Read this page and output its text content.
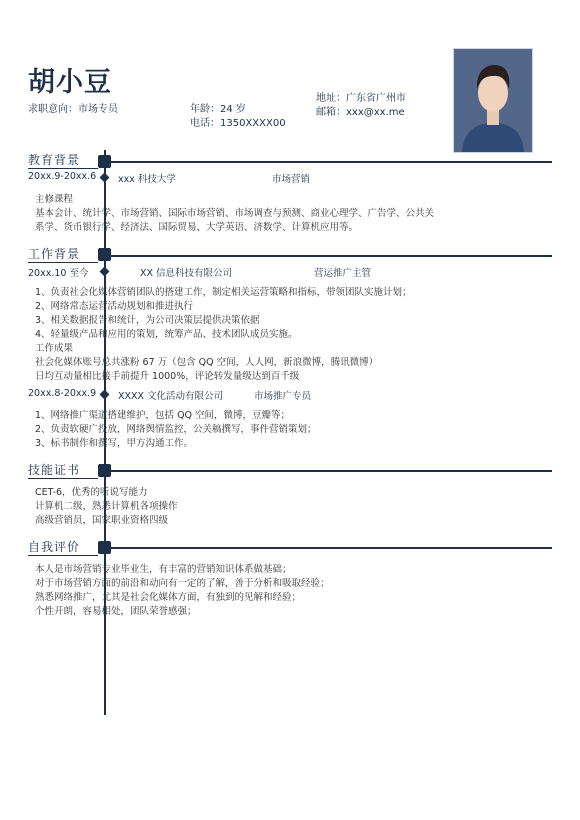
胡小豆
求职意向：市场专员	年龄：24 岁
电话：1350XXXX00
地址：广东省广州市
邮箱：xxx@xx.me
教育背景
20xx.9-20xx.6 xxx 科技大学	市场营销
主修课程
基本会计、统计学、市场营销、国际市场营销、市场调查与预测、商业心理学、广告学、公共关
系学、货币银行学、经济法、国际贸易、大学英语、济数学、计算机应用等。
工作背景
20xx.10 至今	XX 信息科技有限公司	营运推广主管
1、负责社会化媒体营销团队的搭建工作，制定相关运营策略和指标，带领团队实施计划；
2、网络常态运营活动规划和推进执行
3、相关数据报告和统计，为公司决策层提供决策依据
4、轻量级产品和应用的策划，统筹产品、技术团队成员实施。
工作成果
社会化媒体账号总共涨粉 67 万（包含 QQ 空间，人人网，新浪微博，腾讯微博）
日均互动量相比接手前提升 1000%，评论转发量级达到百千级
20xx.8-20xx.9 XXXX 文化活动有限公司	市场推广专员
1、网络推广渠道搭建维护，包括 QQ 空间，微博，豆瓣等；
2、负责软硬广投放，网络舆情监控，公关稿撰写，事件营销策划；
3、标书制作和撰写，甲方沟通工作。
技能证书
CET-6，优秀的听说写能力
计算机二级，熟悉计算机各项操作
高级营销员，国家职业资格四级
自我评价
本人是市场营销专业毕业生，有丰富的营销知识体系做基础；
对于市场营销方面的前沿和动向有一定的了解，善于分析和吸取经验；
熟悉网络推广，尤其是社会化媒体方面，有独到的见解和经验；
个性开朗，容易相处，团队荣誉感强；
